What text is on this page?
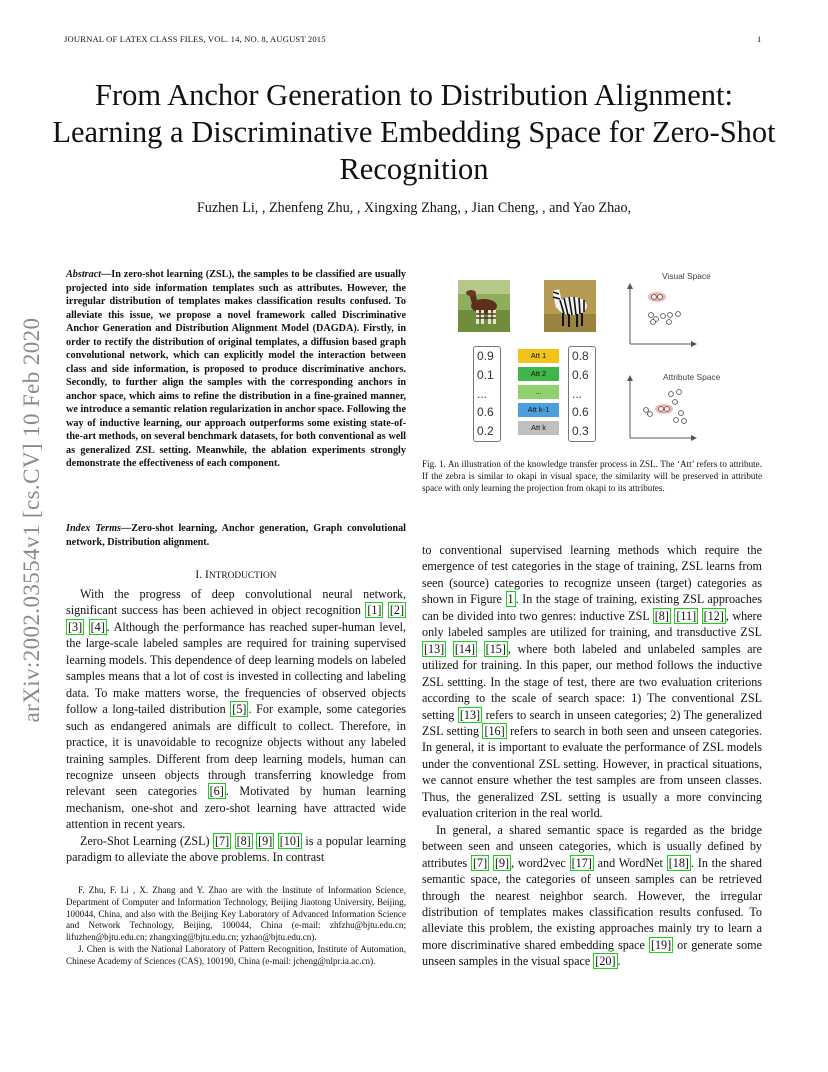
JOURNAL OF LATEX CLASS FILES, VOL. 14, NO. 8, AUGUST 2015	1
From Anchor Generation to Distribution Alignment: Learning a Discriminative Embedding Space for Zero-Shot Recognition
Fuzhen Li, , Zhenfeng Zhu, , Xingxing Zhang, , Jian Cheng, , and Yao Zhao,
arXiv:2002.03554v1 [cs.CV] 10 Feb 2020
Abstract—In zero-shot learning (ZSL), the samples to be classified are usually projected into side information templates such as attributes. However, the irregular distribution of templates makes classification results confused. To alleviate this issue, we propose a novel framework called Discriminative Anchor Generation and Distribution Alignment Model (DAGDA). Firstly, in order to rectify the distribution of original templates, a diffusion based graph convolutional network, which can explicitly model the interaction between class and side information, is proposed to produce discriminative anchors. Secondly, to further align the samples with the corresponding anchors in anchor space, which aims to refine the distribution in a fine-grained manner, we introduce a semantic relation regularization in anchor space. Following the way of inductive learning, our approach outperforms some existing state-of-the-art methods, on several benchmark datasets, for both conventional as well as generalized ZSL setting. Meanwhile, the ablation experiments strongly demonstrate the effectiveness of each component.
Index Terms—Zero-shot learning, Anchor generation, Graph convolutional network, Distribution alignment.
I. INTRODUCTION

With the progress of deep convolutional neural network, significant success has been achieved in object recognition [1] [2] [3] [4] . Although the performance has reached super-human level, the large-scale labeled samples are required for training supervised learning models. This dependence of deep learning models on labeled samples means that a lot of cost is invested in collecting and labeling data. To make matters worse, the frequencies of observed objects follow a long-tailed distribution [5] . For example, some categories such as endangered animals are difficult to collect. Therefore, in practice, it is unavoidable to recognize objects without any labeled training samples. Different from deep learning models, human can recognize unseen objects through transferring knowledge from relevant seen categories [6] . Motivated by human learning mechanism, one-shot and zero-shot learning have attracted wide attention in recent years.

Zero-Shot Learning (ZSL) [7] [8] [9] [10] is a popular learning paradigm to alleviate the above problems. In contrast

F. Zhu, F. Li , X. Zhang and Y. Zhao are with the Institute of Information Science, Department of Computer and Information Technology, Beijing Jiaotong University, Beijing, 100044, China, and also with the Beijing Key Laboratory of Advanced Information Science and Network Technology, Beijing, 100044, China (e-mail: zhfzhu@bjtu.edu.cn; lifuzhen@bjtu.edu.cn; zhangxing@bjtu.edu.cn; yzhao@bjtu.edu.cn).

J. Chen is with the National Laboratory of Pattern Recognition, Institute of Automation, Chinese Academy of Sciences (CAS), 100190, China (e-mail: jcheng@nlpr.ia.ac.cn).

0.9
0.1
...
0.6
0.2
Att 1
Att 2
...
Att k-1
Att k
0.8
0.6
...
0.6
0.3
Visual Space
Attribute Space
Fig. 1. An illustration of the knowledge transfer process in ZSL. The ‘Att’ refers to attribute. If the zebra is similar to okapi in visual space, the similarity will be preserved in attribute space with only learning the projection from okapi to its attributes.

to conventional supervised learning methods which require the emergence of test categories in the stage of training, ZSL learns from seen (source) categories to recognize unseen (target) categories as shown in Figure 1 . In the stage of training, existing ZSL approaches can be divided into two genres: inductive ZSL [8] [11] [12] , where only labeled samples are utilized for training, and transductive ZSL [13] [14] [15] , where both labeled and unlabeled samples are utilized for training. In this paper, our method follows the inductive ZSL settting. In the stage of test, there are two evaluation criterions according to the scale of search space: 1) The conventional ZSL setting [13] refers to search in unseen categories; 2) The generalized ZSL setting [16] refers to search in both seen and unseen categories. In general, it is important to evaluate the performance of ZSL models under the conventional ZSL setting. However, in practical situations, we cannot ensure whether the test samples are from unseen classes. Thus, the generalized ZSL setting is usually a more convincing evaluation criterion in the real world.

In general, a shared semantic space is regarded as the bridge between seen and unseen categories, which is usually defined by attributes [7] [9] , word2vec [17] and WordNet [18] . In the shared semantic space, the categories of unseen samples can be retrieved through the nearest neighbor search. However, the irregular distribution of templates makes classification results confused. To alleviate this problem, the existing approaches mainly try to learn a more discriminative shared embedding space [19] or generate some unseen samples in the visual space [20] .
